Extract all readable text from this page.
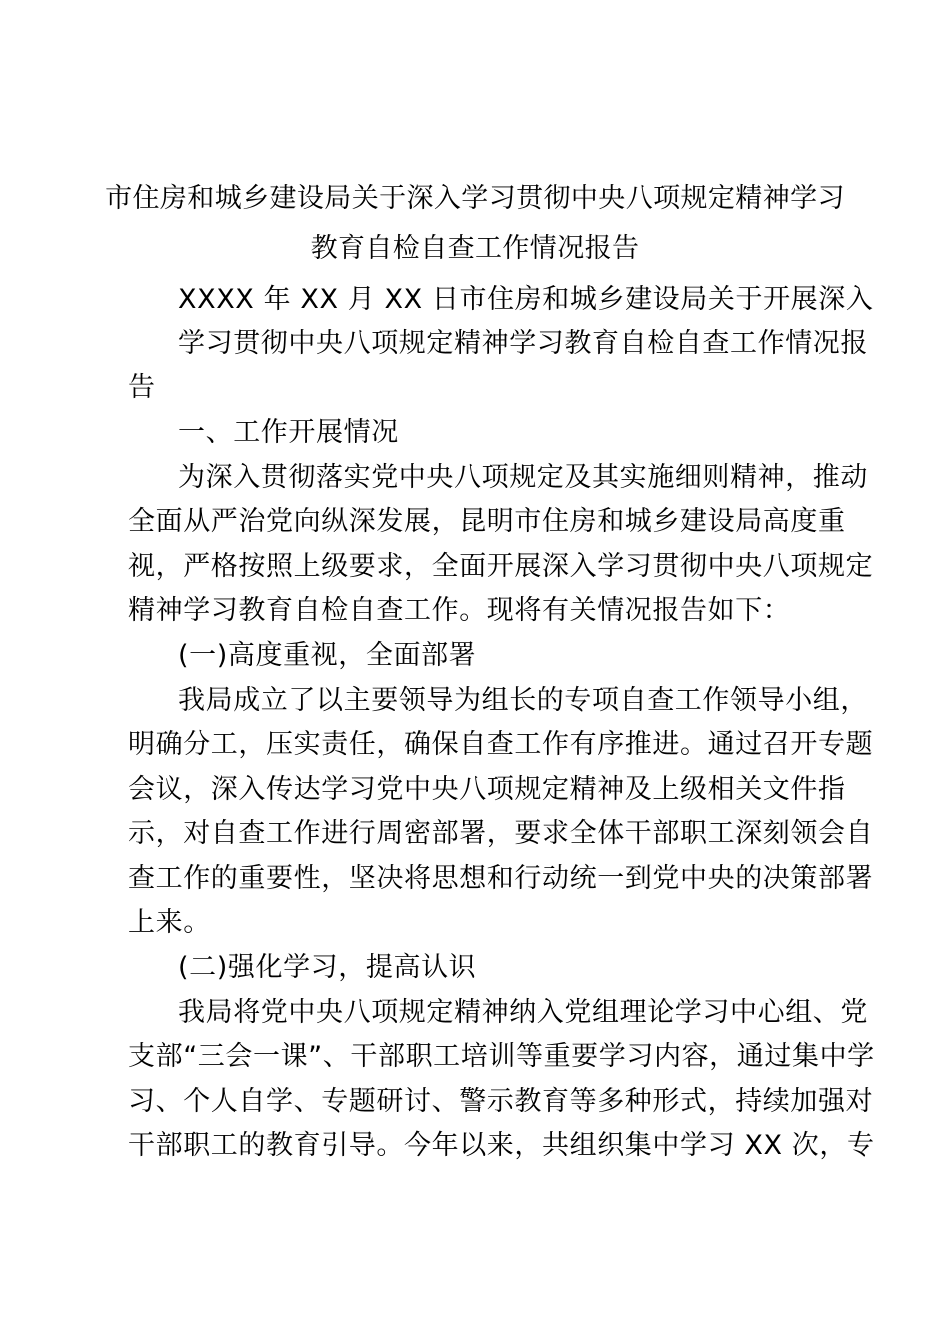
市住房和城乡建设局关于深入学习贯彻中央八项规定精神学习
教育自检自查工作情况报告
XXXX 年 XX 月 XX 日市住房和城乡建设局关于开展深入
学习贯彻中央八项规定精神学习教育自检自查工作情况报
告
一、工作开展情况
为深入贯彻落实党中央八项规定及其实施细则精神，推动
全面从严治党向纵深发展，昆明市住房和城乡建设局高度重
视，严格按照上级要求，全面开展深入学习贯彻中央八项规定
精神学习教育自检自查工作。现将有关情况报告如下：
(一)高度重视，全面部署
我局成立了以主要领导为组长的专项自查工作领导小组，
明确分工，压实责任，确保自查工作有序推进。通过召开专题
会议，深入传达学习党中央八项规定精神及上级相关文件指
示，对自查工作进行周密部署，要求全体干部职工深刻领会自
查工作的重要性，坚决将思想和行动统一到党中央的决策部署
上来。
(二)强化学习，提高认识
我局将党中央八项规定精神纳入党组理论学习中心组、党
支部“三会一课”、干部职工培训等重要学习内容，通过集中学
习、个人自学、专题研讨、警示教育等多种形式，持续加强对
干部职工的教育引导。今年以来，共组织集中学习 XX 次，专
